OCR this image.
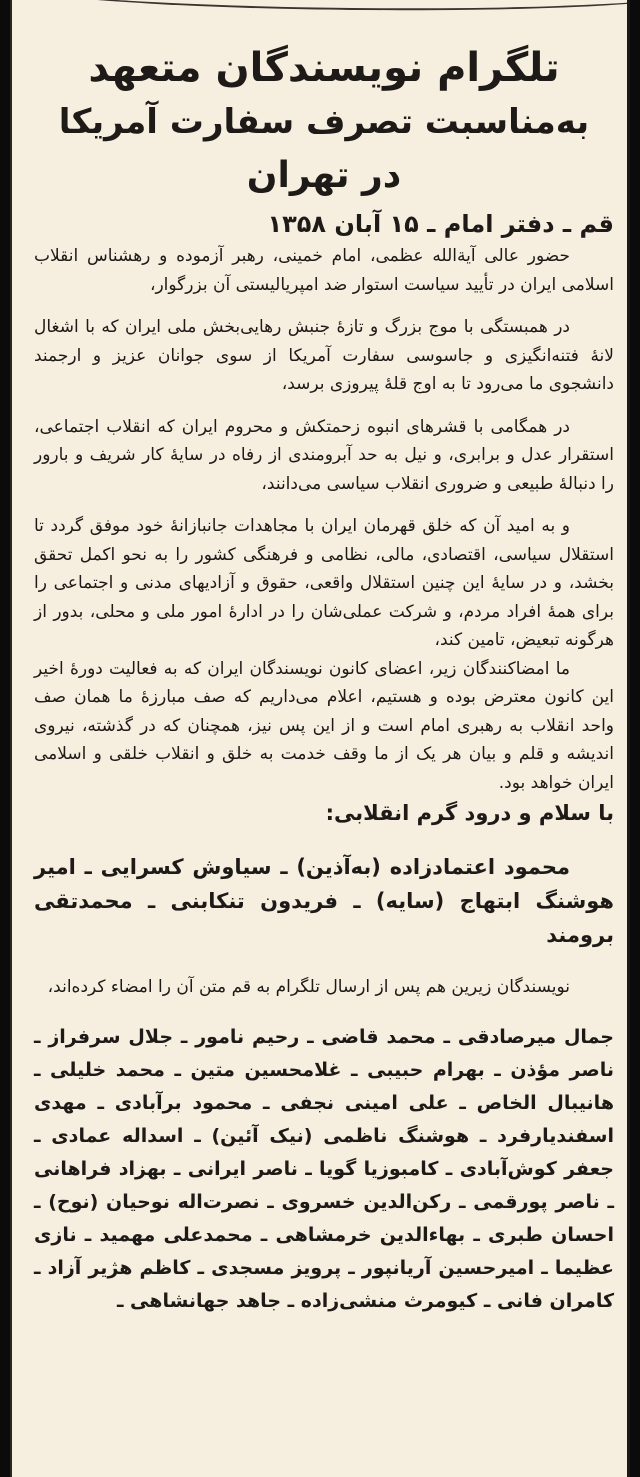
تلگرام نویسندگان متعهد
به‌مناسبت تصرف سفارت آمریکا
در تهران
قم ـ دفتر امام ـ ۱۵ آبان ۱۳۵۸

حضور عالی آیة‌الله عظمی، امام خمینی، رهبر آزموده و رهشناس انقلاب اسلامی ایران در تأیید سیاست استوار ضد امپریالیستی آن بزرگوار،

در همبستگی با موج بزرگ و تازهٔ جنبش رهایی‌بخش ملی ایران که با اشغال لانهٔ فتنه‌انگیزی و جاسوسی سفارت آمریکا از سوی جوانان عزیز و ارجمند دانشجوی ما می‌رود تا به اوج قلهٔ پیروزی برسد،

در همگامی با قشرهای انبوه زحمتکش و محروم ایران که انقلاب اجتماعی، استقرار عدل و برابری، و نیل به حد آبرومندی از رفاه در سایهٔ کار شریف و بارور را دنبالهٔ طبیعی و ضروری انقلاب سیاسی می‌دانند،

و به امید آن که خلق قهرمان ایران با مجاهدات جانبازانهٔ خود موفق گردد تا استقلال سیاسی، اقتصادی، مالی، نظامی و فرهنگی کشور را به نحو اکمل تحقق بخشد، و در سایهٔ این چنین استقلال واقعی، حقوق و آزادیهای مدنی و اجتماعی را برای همهٔ افراد مردم، و شرکت عملی‌شان را در ادارهٔ امور ملی و محلی، بدور از هرگونه تبعیض، تامین کند،

ما امضاکنندگان زیر، اعضای کانون نویسندگان ایران که به فعالیت دورهٔ اخیر این کانون معترض بوده و هستیم، اعلام می‌داریم که صف مبارزهٔ ما همان صف واحد انقلاب به رهبری امام است و از این پس نیز، همچنان که در گذشته، نیروی اندیشه و قلم و بیان هر یک از ما وقف خدمت به خلق و انقلاب خلقی و اسلامی ایران خواهد بود.

با سلام و درود گرم انقلابی:

محمود اعتمادزاده (به‌آذین) ـ سیاوش کسرایی ـ امیر هوشنگ ابتهاج (سایه) ـ فریدون تنکابنی ـ محمدتقی برومند

نویسندگان زیرین هم پس از ارسال تلگرام به قم متن آن را امضاء کرده‌اند،

جمال میرصادقی ـ محمد قاضی ـ رحیم نامور ـ جلال سرفراز ـ ناصر مؤذن ـ بهرام حبیبی ـ غلامحسین متین ـ محمد خلیلی ـ هانیبال الخاص ـ علی امینی نجفی ـ محمود برآبادی ـ مهدی اسفندیارفرد ـ هوشنگ ناظمی (نیک آئین) ـ اسداله عمادی ـ جعفر کوش‌آبادی ـ کامبوزیا گویا ـ ناصر ایرانی ـ بهزاد فراهانی ـ ناصر پورقمی ـ رکن‌الدین خسروی ـ نصرت‌اله نوحیان (نوح) ـ احسان طبری ـ بهاءالدین خرمشاهی ـ محمدعلی مهمید ـ نازی عظیما ـ امیرحسین آریانپور ـ پرویز مسجدی ـ کاظم هژیر آزاد ـ کامران فانی ـ کیومرث منشی‌زاده ـ جاهد جهانشاهی ـ
